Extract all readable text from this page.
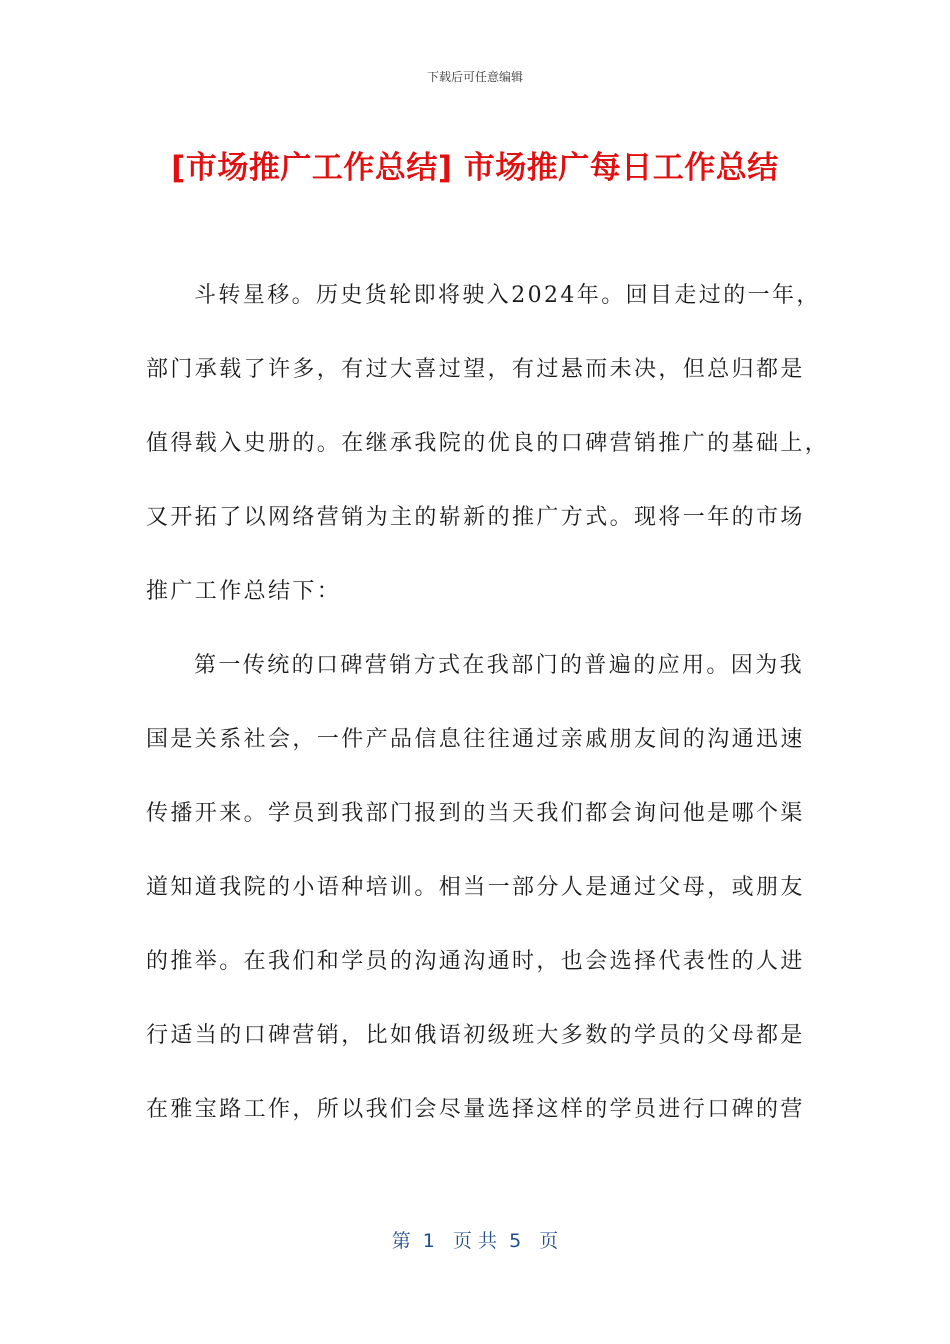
下载后可任意编辑
[市场推广工作总结] 市场推广每日工作总结
斗转星移。历史货轮即将驶入2024年。回目走过的一年，
部门承载了许多，有过大喜过望，有过悬而未决，但总归都是
值得载入史册的。在继承我院的优良的口碑营销推广的基础上，
又开拓了以网络营销为主的崭新的推广方式。现将一年的市场
推广工作总结下：
第一传统的口碑营销方式在我部门的普遍的应用。因为我
国是关系社会，一件产品信息往往通过亲戚朋友间的沟通迅速
传播开来。学员到我部门报到的当天我们都会询问他是哪个渠
道知道我院的小语种培训。相当一部分人是通过父母，或朋友
的推举。在我们和学员的沟通沟通时，也会选择代表性的人进
行适当的口碑营销，比如俄语初级班大多数的学员的父母都是
在雅宝路工作，所以我们会尽量选择这样的学员进行口碑的营
第  1   页 共  5   页
